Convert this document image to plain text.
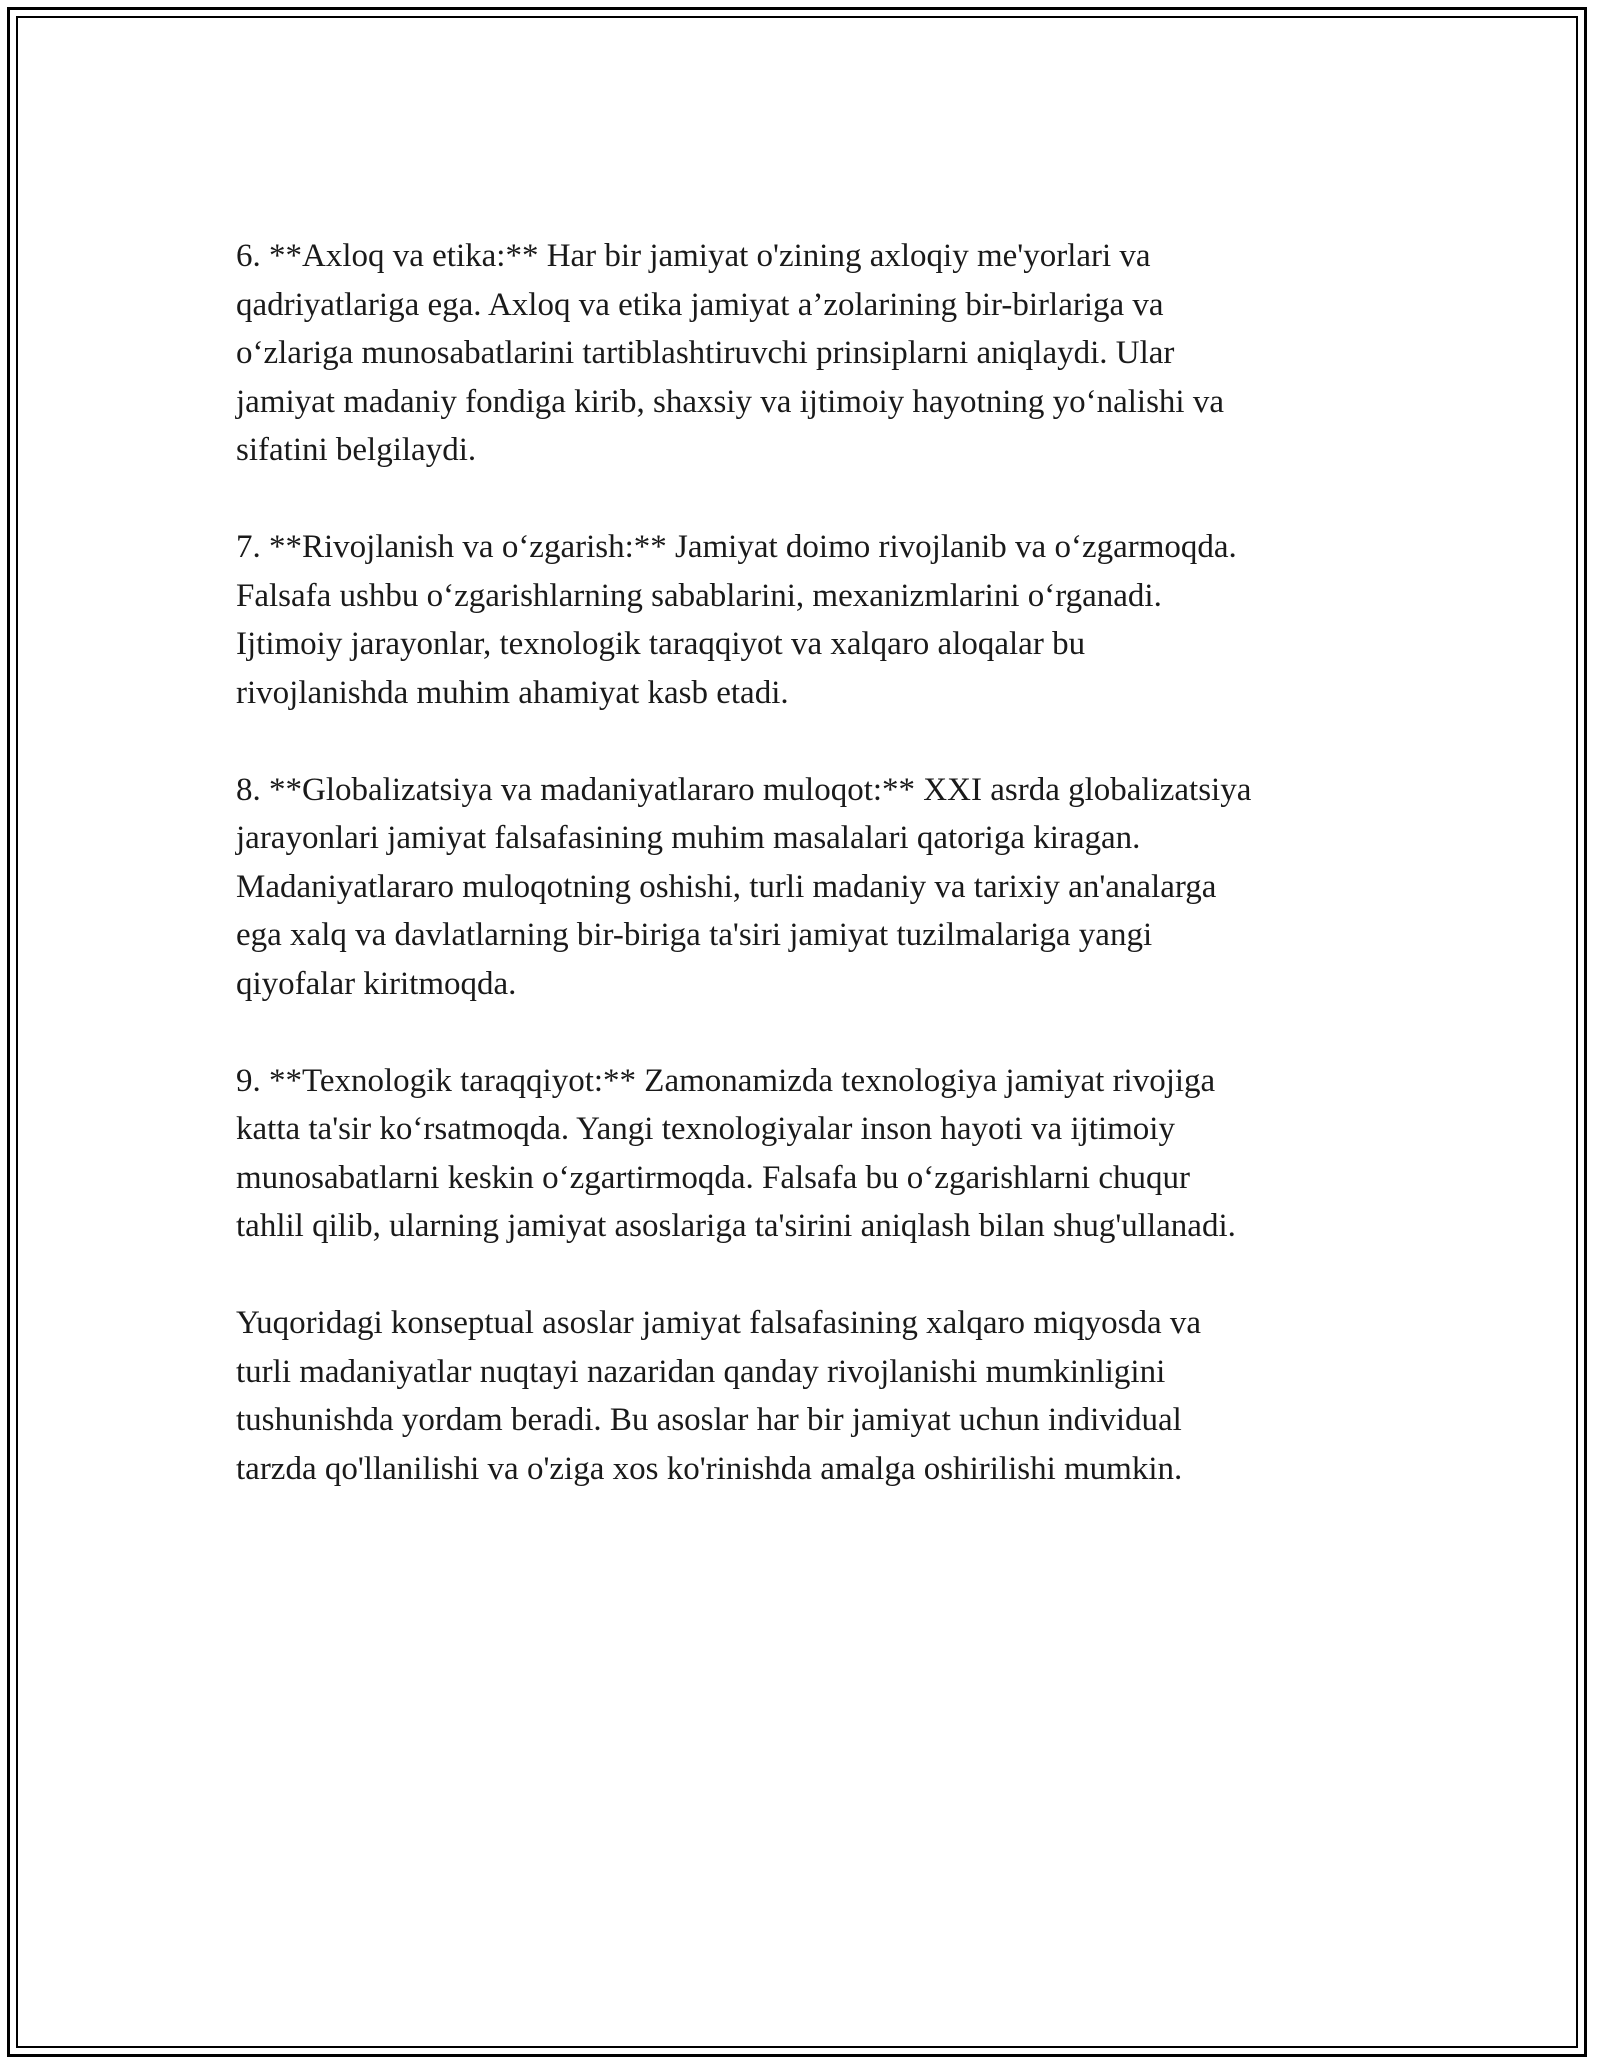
6. **Axloq va etika:** Har bir jamiyat o'zining axloqiy me'yorlari va
qadriyatlariga ega. Axloq va etika jamiyat a’zolarining bir-birlariga va
o‘zlariga munosabatlarini tartiblashtiruvchi prinsiplarni aniqlaydi. Ular
jamiyat madaniy fondiga kirib, shaxsiy va ijtimoiy hayotning yo‘nalishi va
sifatini belgilaydi.

7. **Rivojlanish va o‘zgarish:** Jamiyat doimo rivojlanib va o‘zgarmoqda.
Falsafa ushbu o‘zgarishlarning sabablarini, mexanizmlarini o‘rganadi.
Ijtimoiy jarayonlar, texnologik taraqqiyot va xalqaro aloqalar bu
rivojlanishda muhim ahamiyat kasb etadi.

8. **Globalizatsiya va madaniyatlararo muloqot:** XXI asrda globalizatsiya
jarayonlari jamiyat falsafasining muhim masalalari qatoriga kiragan.
Madaniyatlararo muloqotning oshishi, turli madaniy va tarixiy an'analarga
ega xalq va davlatlarning bir-biriga ta'siri jamiyat tuzilmalariga yangi
qiyofalar kiritmoqda.

9. **Texnologik taraqqiyot:** Zamonamizda texnologiya jamiyat rivojiga
katta ta'sir ko‘rsatmoqda. Yangi texnologiyalar inson hayoti va ijtimoiy
munosabatlarni keskin o‘zgartirmoqda. Falsafa bu o‘zgarishlarni chuqur
tahlil qilib, ularning jamiyat asoslariga ta'sirini aniqlash bilan shug'ullanadi.

Yuqoridagi konseptual asoslar jamiyat falsafasining xalqaro miqyosda va
turli madaniyatlar nuqtayi nazaridan qanday rivojlanishi mumkinligini
tushunishda yordam beradi. Bu asoslar har bir jamiyat uchun individual
tarzda qo'llanilishi va o'ziga xos ko'rinishda amalga oshirilishi mumkin.
